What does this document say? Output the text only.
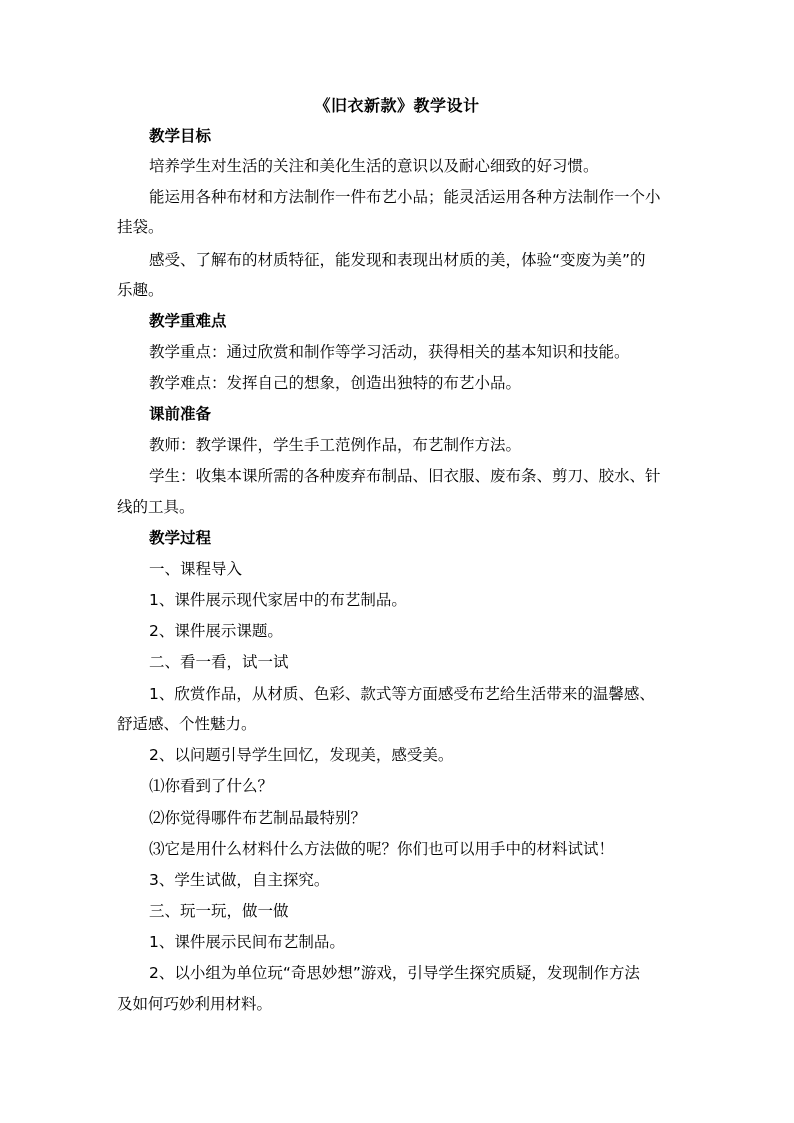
《旧衣新款》教学设计
教学目标
培养学生对生活的关注和美化生活的意识以及耐心细致的好习惯。
能运用各种布材和方法制作一件布艺小品；能灵活运用各种方法制作一个小
挂袋。
感受、了解布的材质特征，能发现和表现出材质的美，体验“变废为美”的
乐趣。
教学重难点
教学重点：通过欣赏和制作等学习活动，获得相关的基本知识和技能。
教学难点：发挥自己的想象，创造出独特的布艺小品。
课前准备
教师：教学课件，学生手工范例作品，布艺制作方法。
学生：收集本课所需的各种废弃布制品、旧衣服、废布条、剪刀、胶水、针
线的工具。
教学过程
一、课程导入
1、课件展示现代家居中的布艺制品。
2、课件展示课题。
二、看一看，试一试
1、欣赏作品，从材质、色彩、款式等方面感受布艺给生活带来的温馨感、
舒适感、个性魅力。
2、以问题引导学生回忆，发现美，感受美。
⑴你看到了什么？
⑵你觉得哪件布艺制品最特别？
⑶它是用什么材料什么方法做的呢？你们也可以用手中的材料试试！
3、学生试做，自主探究。
三、玩一玩，做一做
1、课件展示民间布艺制品。
2、以小组为单位玩“奇思妙想”游戏，引导学生探究质疑，发现制作方法
及如何巧妙利用材料。
